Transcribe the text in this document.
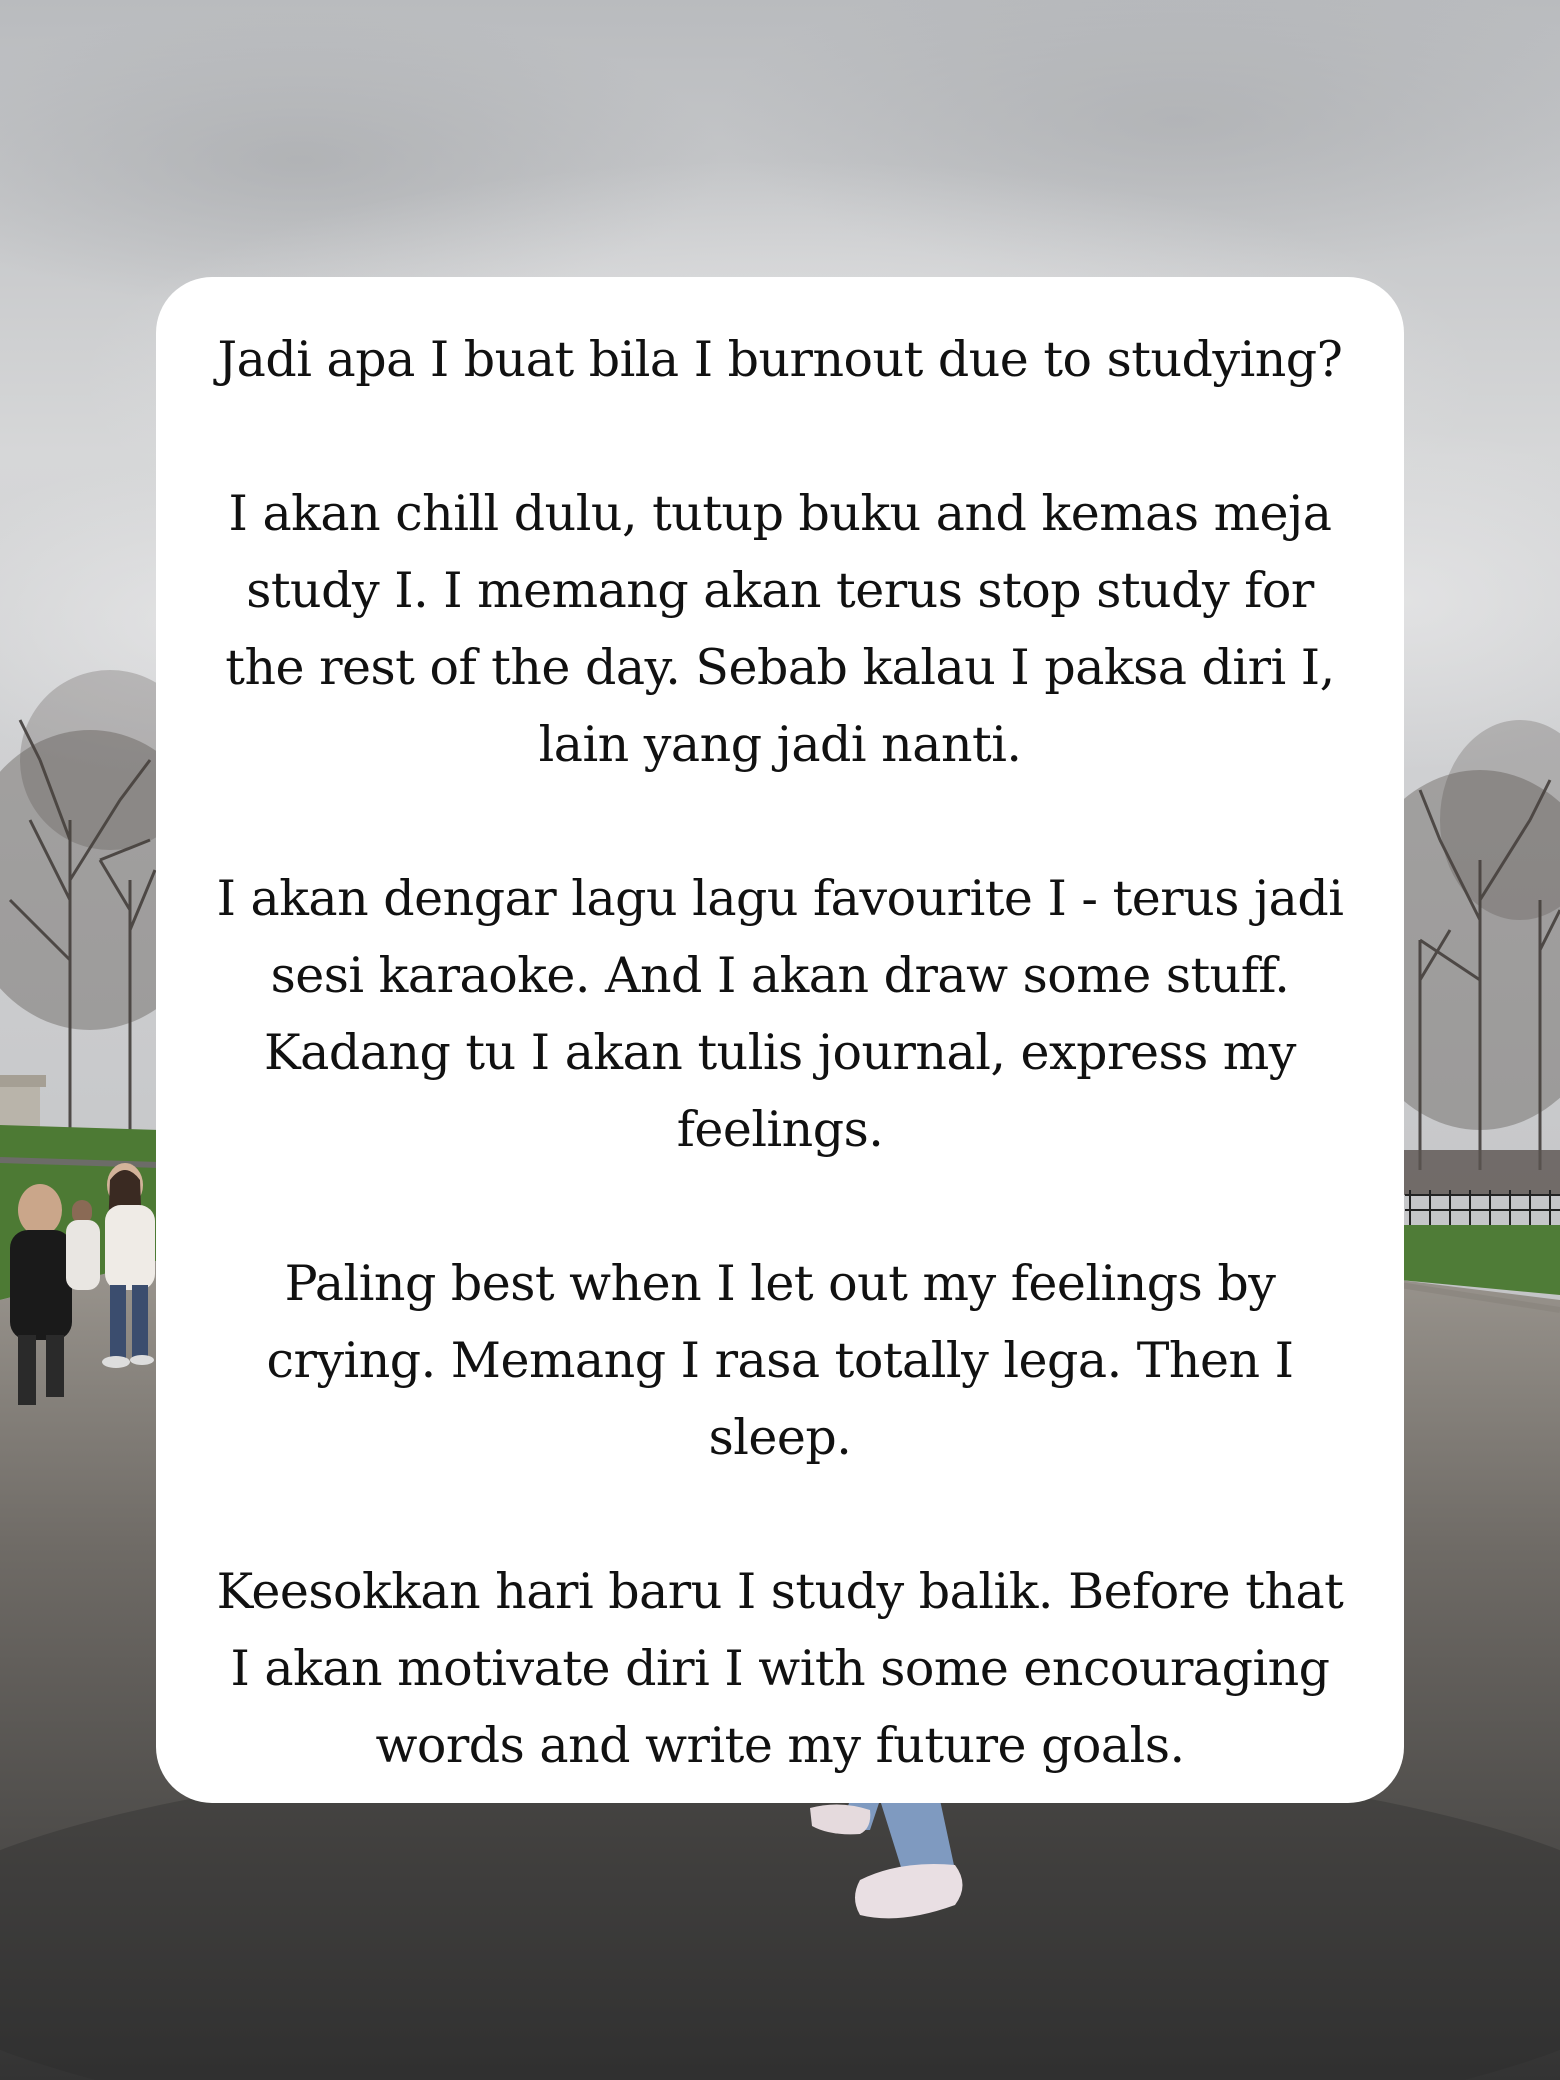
Jadi apa I buat bila I burnout due to studying?

I akan chill dulu, tutup buku and kemas meja
study I. I memang akan terus stop study for
the rest of the day. Sebab kalau I paksa diri I,
lain yang jadi nanti.

I akan dengar lagu lagu favourite I - terus jadi
sesi karaoke. And I akan draw some stuff.
Kadang tu I akan tulis journal, express my
feelings.

Paling best when I let out my feelings by
crying. Memang I rasa totally lega. Then I
sleep.

Keesokkan hari baru I study balik. Before that
I akan motivate diri I with some encouraging
words and write my future goals.
